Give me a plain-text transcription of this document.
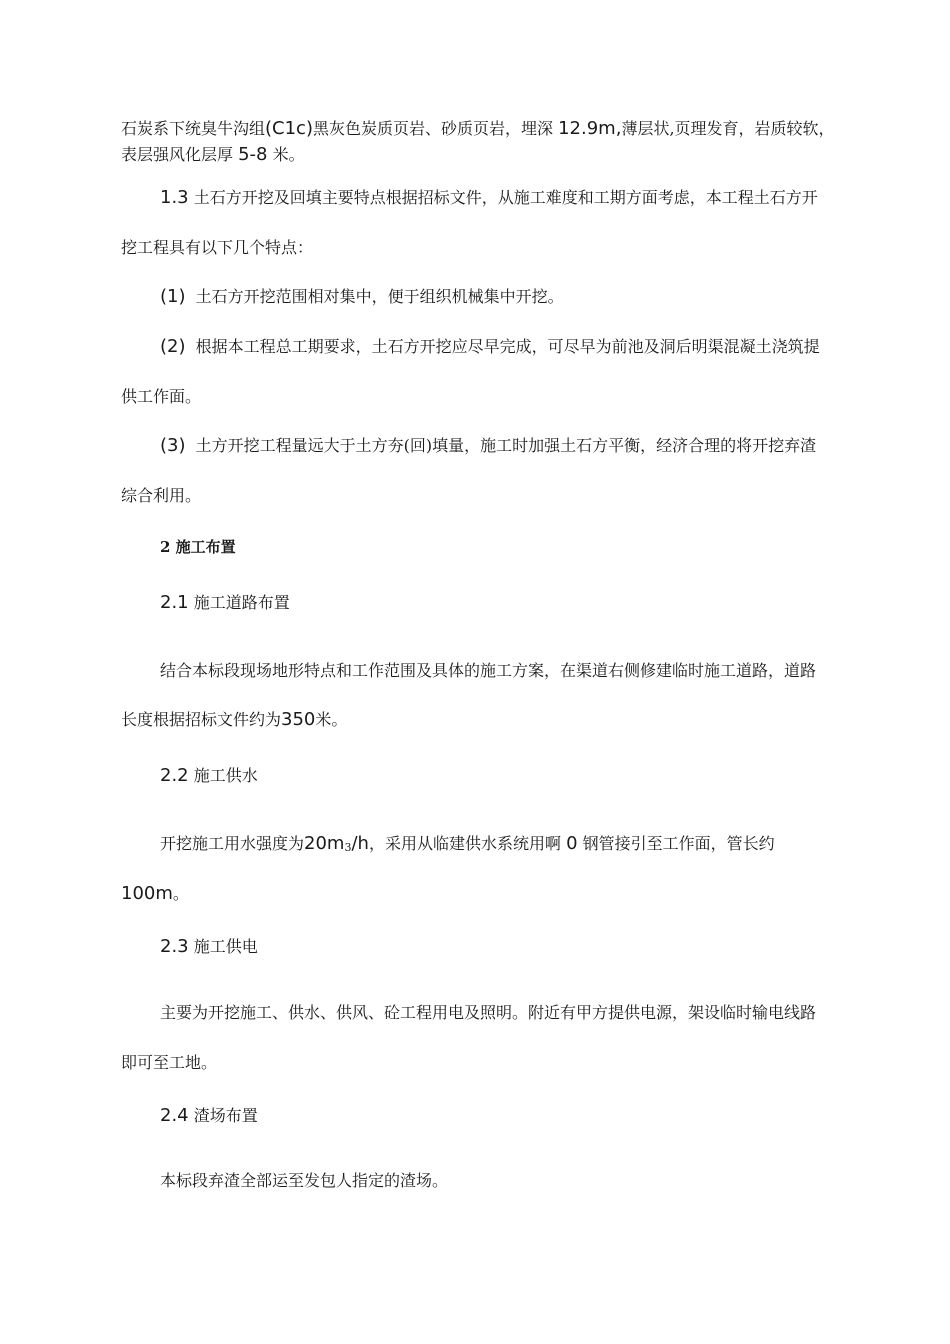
石炭系下统臭牛沟组(C1c)黑灰色炭质页岩、砂质页岩，埋深 12.9m,薄层状,页理发育，岩质较软，
表层强风化层厚 5-8 米。
1.3 土石方开挖及回填主要特点根据招标文件，从施工难度和工期方面考虑，本工程土石方开
挖工程具有以下几个特点：
(1) 土石方开挖范围相对集中，便于组织机械集中开挖。
(2) 根据本工程总工期要求，土石方开挖应尽早完成，可尽早为前池及洞后明渠混凝土浇筑提
供工作面。
(3) 土方开挖工程量远大于土方夯(回)填量，施工时加强土石方平衡，经济合理的将开挖弃渣
综合利用。
2 施工布置
2.1 施工道路布置
结合本标段现场地形特点和工作范围及具体的施工方案，在渠道右侧修建临时施工道路，道路
长度根据招标文件约为350米。
2.2 施工供水
开挖施工用水强度为$20m_3/h$，采用从临建供水系统用啊 0 钢管接引至工作面，管长约
100m。
2.3 施工供电
主要为开挖施工、供水、供风、砼工程用电及照明。附近有甲方提供电源，架设临时输电线路
即可至工地。
2.4 渣场布置
本标段弃渣全部运至发包人指定的渣场。
